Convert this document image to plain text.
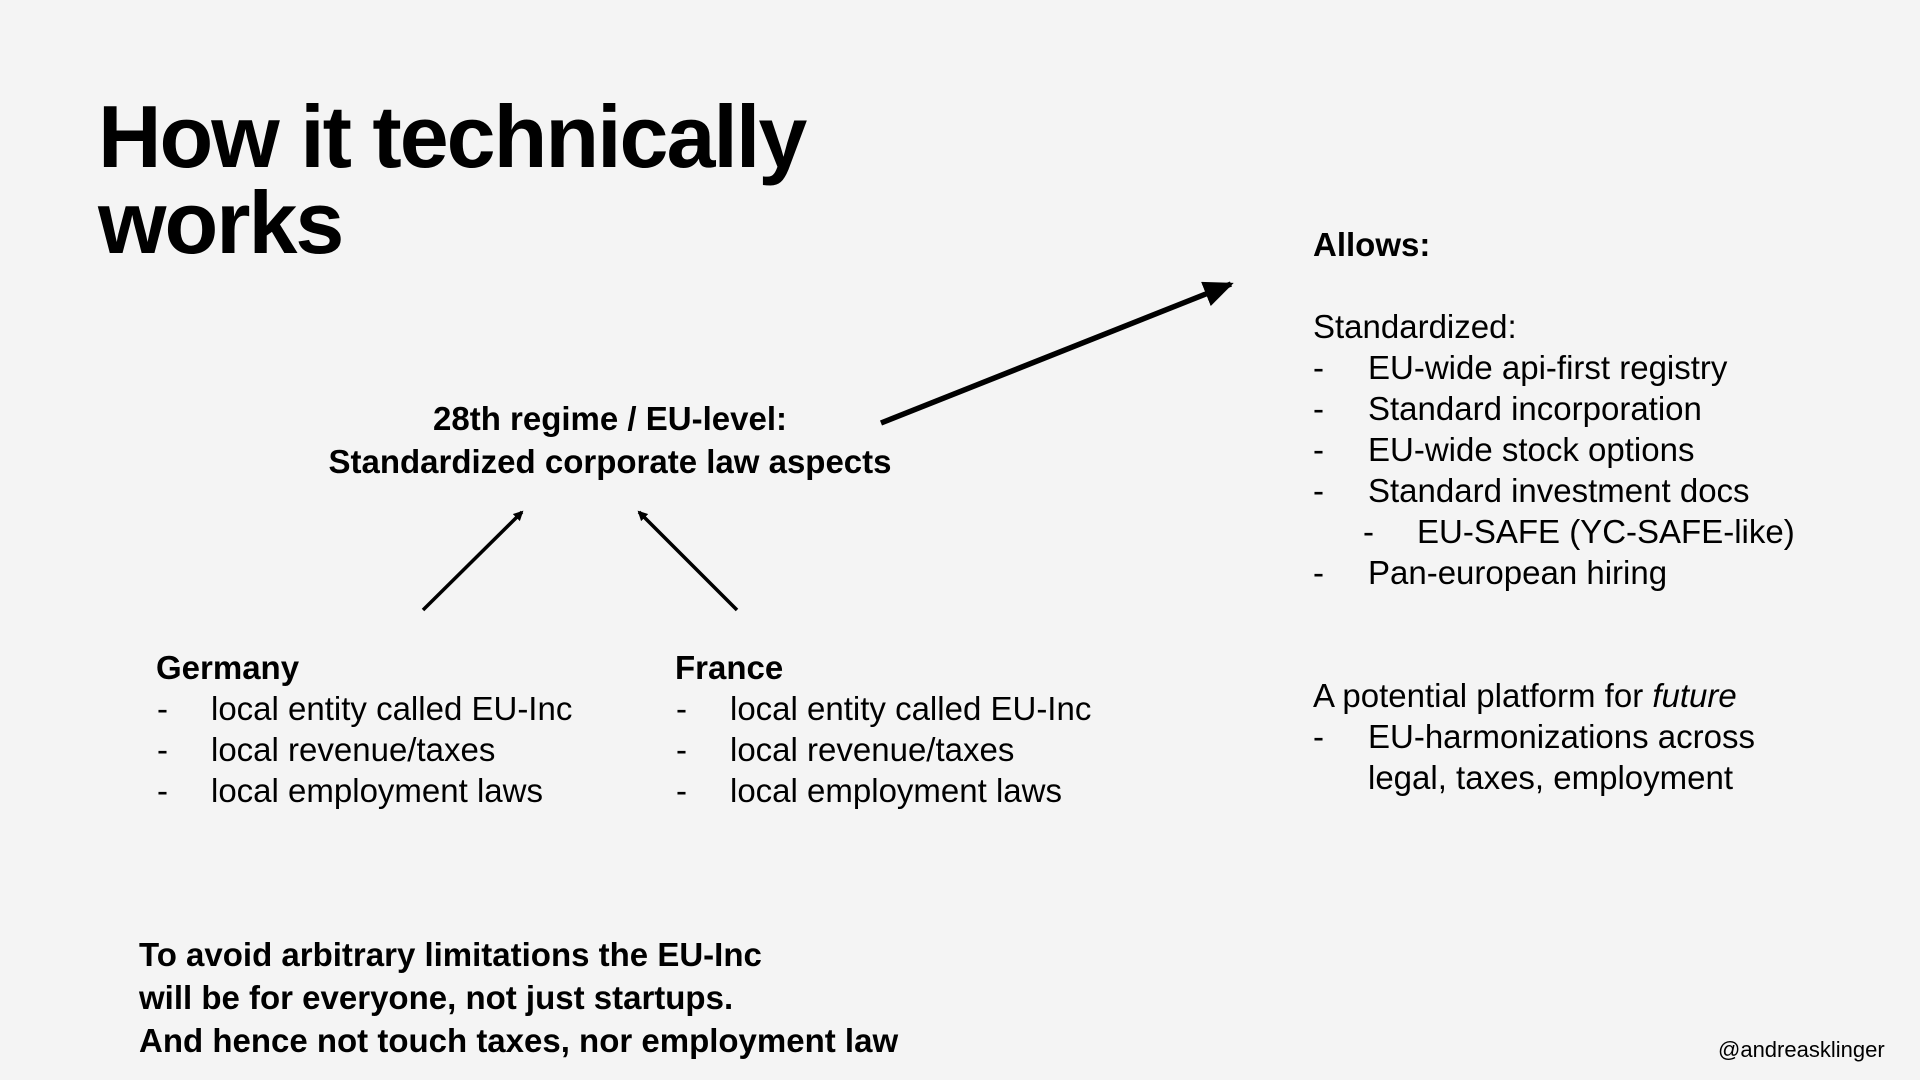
How it technically
works
28th regime / EU-level:
Standardized corporate law aspects
Germany
- local entity called EU-Inc
- local revenue/taxes
- local employment laws
France
- local entity called EU-Inc
- local revenue/taxes
- local employment laws
Allows:
Standardized:
- EU-wide api-first registry
- Standard incorporation
- EU-wide stock options
- Standard investment docs
- EU-SAFE (YC-SAFE-like)
- Pan-european hiring
A potential platform for future
- EU-harmonizations across
legal, taxes, employment
To avoid arbitrary limitations the EU-Inc
will be for everyone, not just startups.
And hence not touch taxes, nor employment law	@andreasklinger
